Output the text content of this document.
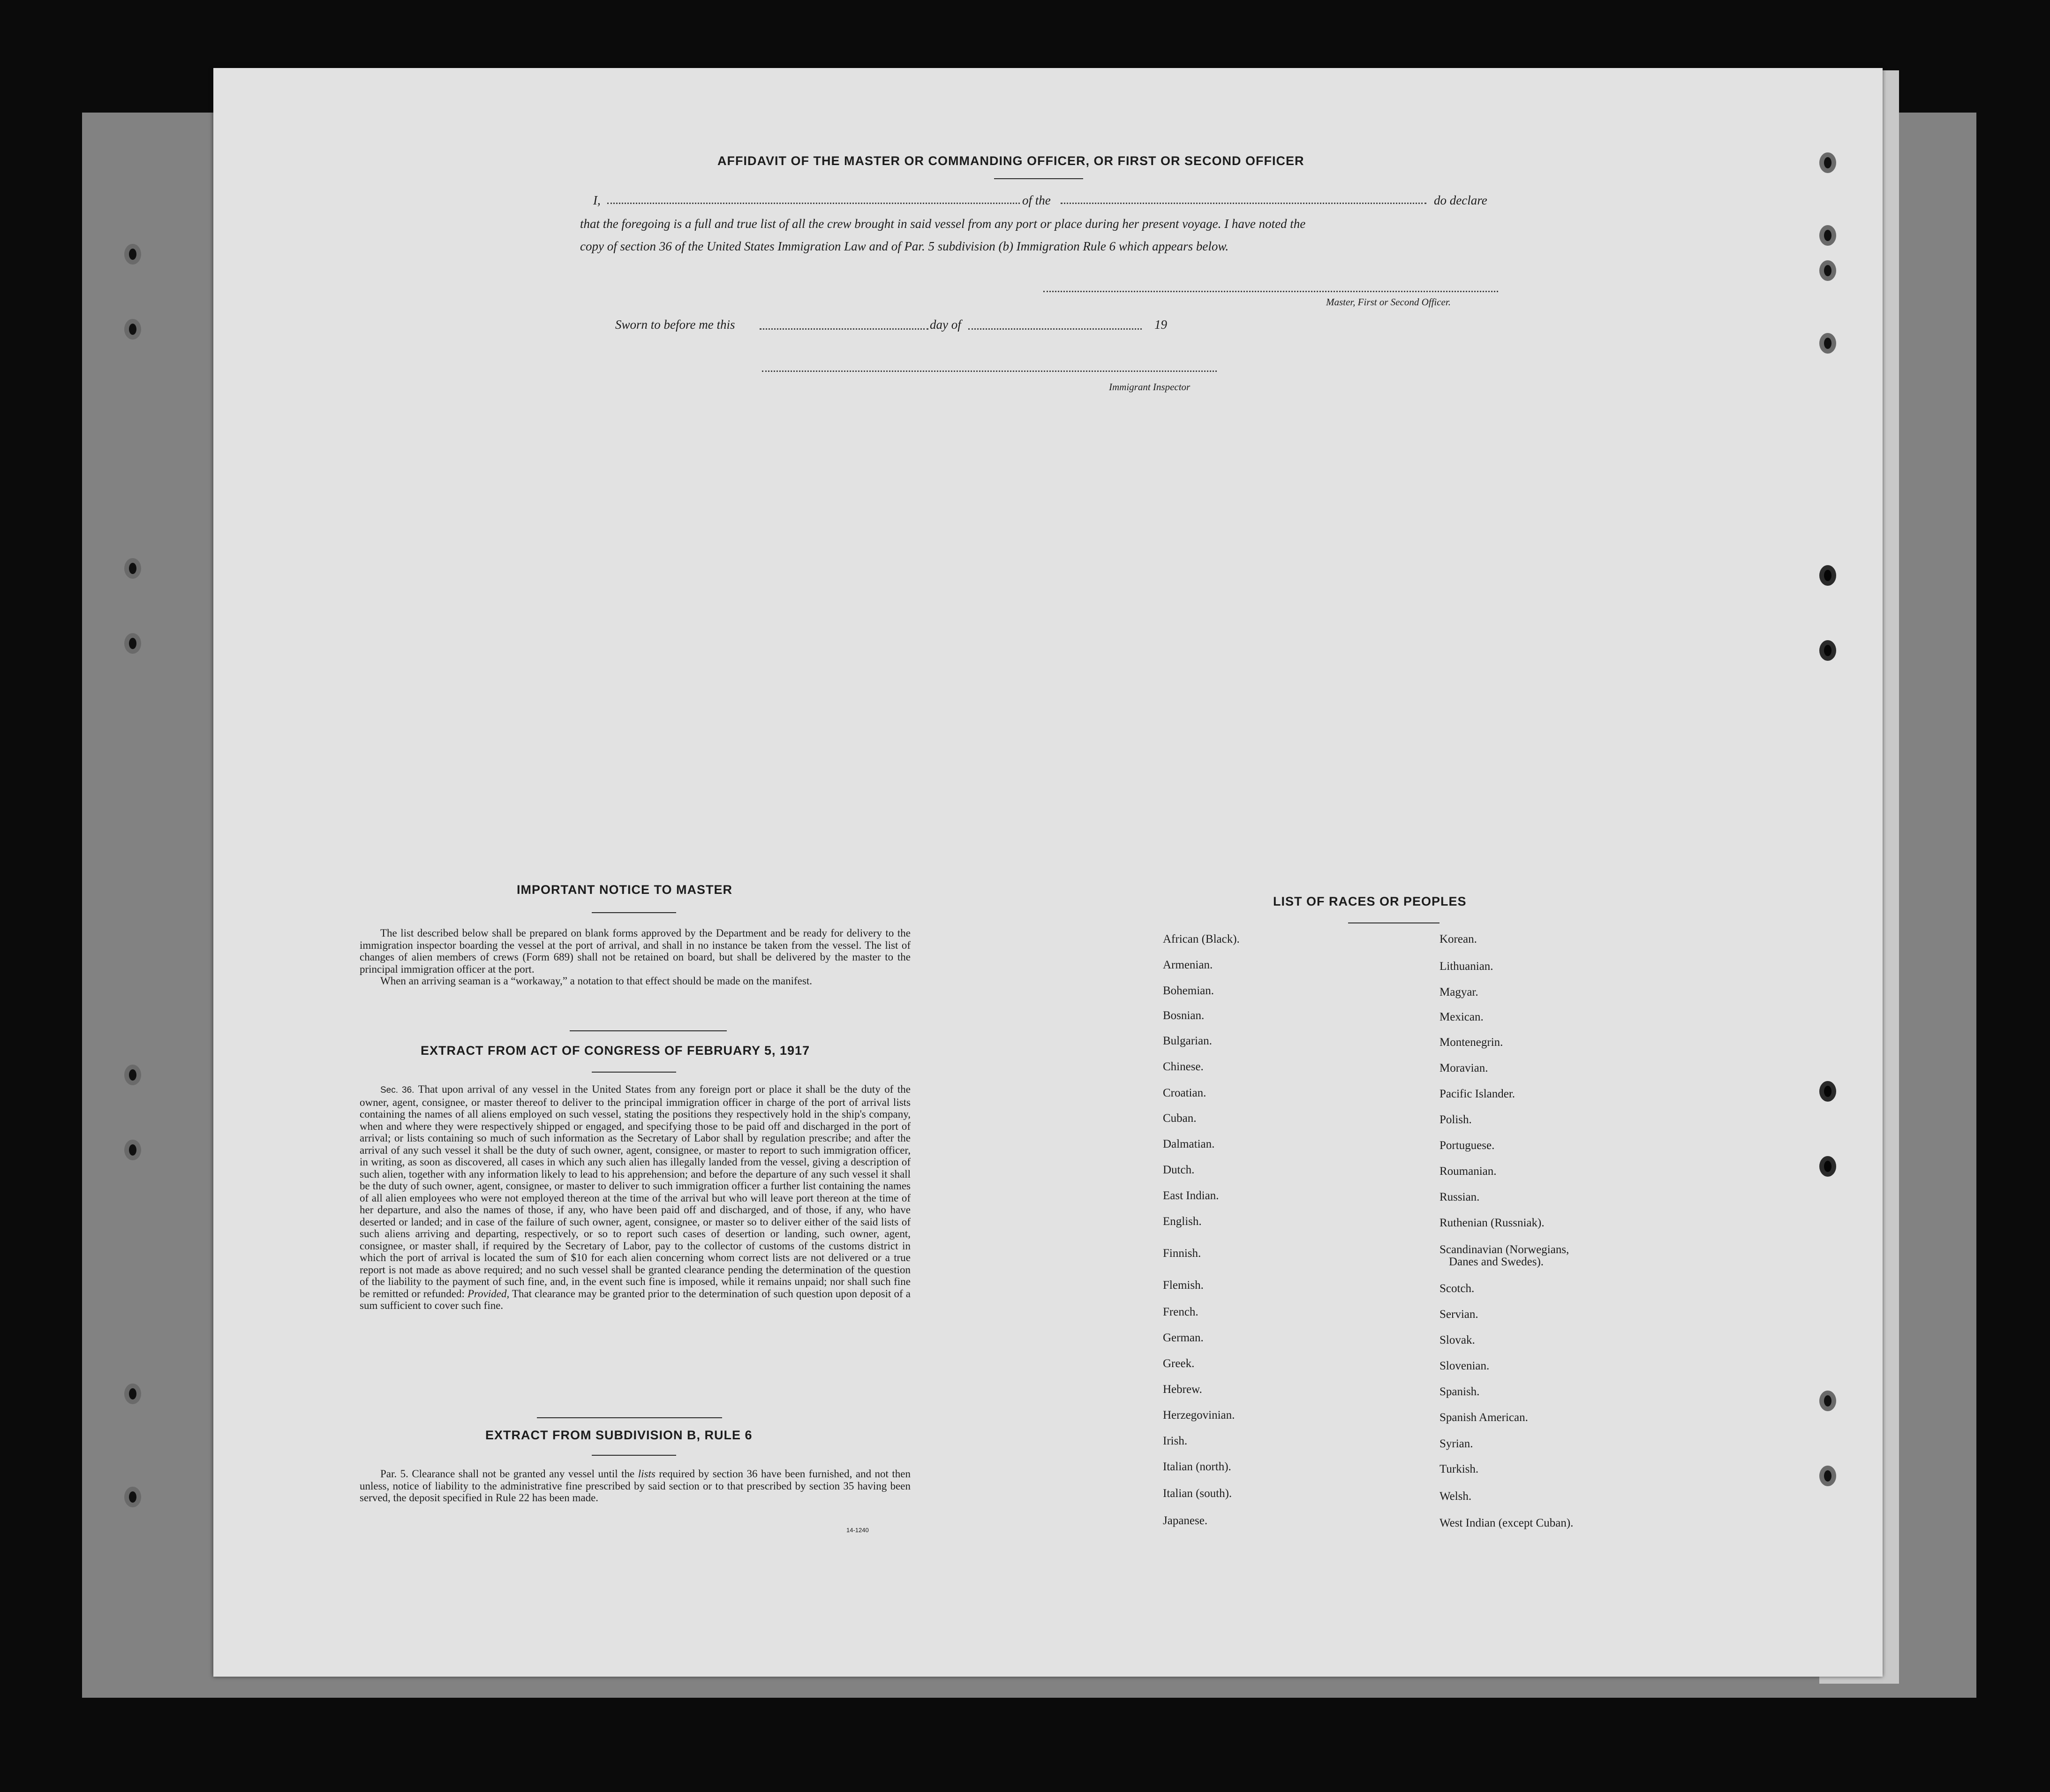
AFFIDAVIT OF THE MASTER OR COMMANDING OFFICER, OR FIRST OR SECOND OFFICER
I,	of the	do declare
that the foregoing is a full and true list of all the crew brought in said vessel from any port or place during her present voyage. I have noted the
copy of section 36 of the United States Immigration Law and of Par. 5 subdivision (b) Immigration Rule 6 which appears below.
Master, First or Second Officer.
Sworn to before me this	day of	19
Immigrant Inspector
IMPORTANT NOTICE TO MASTER
The list described below shall be prepared on blank forms approved by the Department and be ready for delivery to the immigration inspector boarding the vessel at the port of arrival, and shall in no instance be taken from the vessel. The list of changes of alien members of crews (Form 689) shall not be retained on board, but shall be delivered by the master to the principal immigration officer at the port.
When an arriving seaman is a “workaway,” a notation to that effect should be made on the manifest.
EXTRACT FROM ACT OF CONGRESS OF FEBRUARY 5, 1917
Sec. 36. That upon arrival of any vessel in the United States from any foreign port or place it shall be the duty of the owner, agent, consignee, or master thereof to deliver to the principal immigration officer in charge of the port of arrival lists containing the names of all aliens employed on such vessel, stating the positions they respectively hold in the ship's company, when and where they were respectively shipped or engaged, and specifying those to be paid off and discharged in the port of arrival; or lists containing so much of such information as the Secretary of Labor shall by regulation prescribe; and after the arrival of any such vessel it shall be the duty of such owner, agent, consignee, or master to report to such immigration officer, in writing, as soon as discovered, all cases in which any such alien has illegally landed from the vessel, giving a description of such alien, together with any information likely to lead to his apprehension; and before the departure of any such vessel it shall be the duty of such owner, agent, consignee, or master to deliver to such immigration officer a further list containing the names of all alien employees who were not employed thereon at the time of the arrival but who will leave port thereon at the time of her departure, and also the names of those, if any, who have been paid off and discharged, and of those, if any, who have deserted or landed; and in case of the failure of such owner, agent, consignee, or master so to deliver either of the said lists of such aliens arriving and departing, respectively, or so to report such cases of desertion or landing, such owner, agent, consignee, or master shall, if required by the Secretary of Labor, pay to the collector of customs of the customs district in which the port of arrival is located the sum of $10 for each alien concerning whom correct lists are not delivered or a true report is not made as above required; and no such vessel shall be granted clearance pending the determination of the question of the liability to the payment of such fine, and, in the event such fine is imposed, while it remains unpaid; nor shall such fine be remitted or refunded: Provided, That clearance may be granted prior to the determination of such question upon deposit of a sum sufficient to cover such fine.
EXTRACT FROM SUBDIVISION B, RULE 6
Par. 5. Clearance shall not be granted any vessel until the lists required by section 36 have been furnished, and not then unless, notice of liability to the administrative fine prescribed by said section or to that prescribed by section 35 having been served, the deposit specified in Rule 22 has been made.
14-1240
LIST OF RACES OR PEOPLES
African (Black).
Armenian.
Bohemian.
Bosnian.
Bulgarian.
Chinese.
Croatian.
Cuban.
Dalmatian.
Dutch.
East Indian.
English.
Finnish.
Flemish.
French.
German.
Greek.
Hebrew.
Herzegovinian.
Irish.
Italian (north).
Italian (south).
Japanese.
Korean.
Lithuanian.
Magyar.
Mexican.
Montenegrin.
Moravian.
Pacific Islander.
Polish.
Portuguese.
Roumanian.
Russian.
Ruthenian (Russniak).
Scandinavian (Norwegians,
Scotch.
Servian.
Slovak.
Slovenian.
Spanish.
Spanish American.
Syrian.
Turkish.
Welsh.
West Indian (except Cuban).
Danes and Swedes).
